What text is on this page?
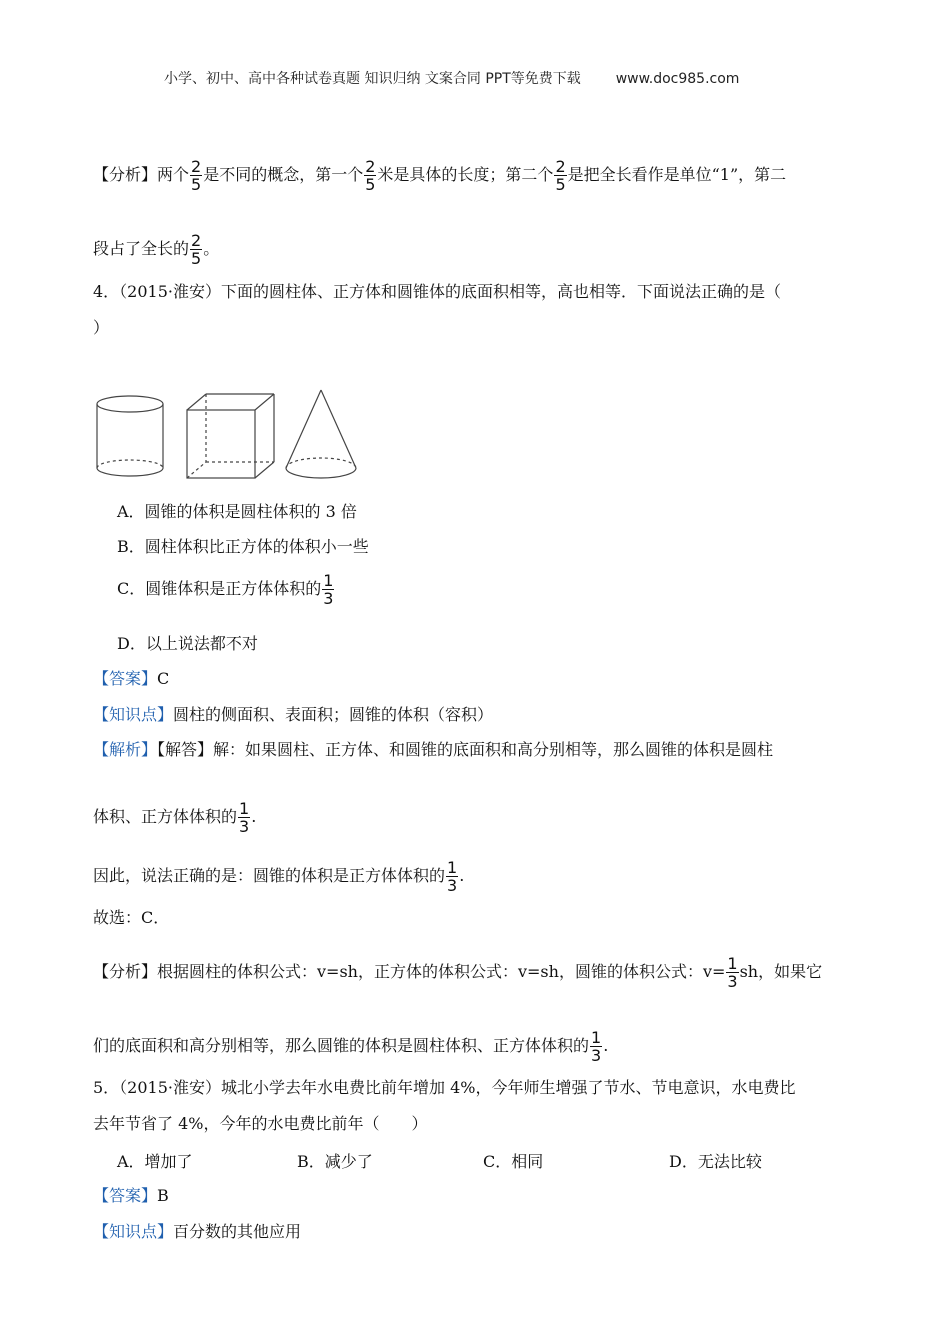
小学、初中、高中各种试卷真题 知识归纳 文案合同 PPT等免费下载 www.doc985.com
【分析】两个 $\frac{2}{5}$ 是不同的概念，第一个 $\frac{2}{5}$ 米是具体的长度；第二个 $\frac{2}{5}$ 是把全长看作是单位“1”，第二
段占了全长的 $\frac{2}{5}$ 。
4．（2015·淮安）下面的圆柱体、正方体和圆锥体的底面积相等，高也相等．下面说法正确的是（
）
A．圆锥的体积是圆柱体积的 3 倍
B．圆柱体积比正方体的体积小一些
C．圆锥体积是正方体体积的 $\frac{1}{3}$
D．以上说法都不对
【答案】C
【知识点】圆柱的侧面积、表面积；圆锥的体积（容积）
【解析】【解答】解：如果圆柱、正方体、和圆锥的底面积和高分别相等，那么圆锥的体积是圆柱
体积、正方体体积的 $\frac{1}{3}$ .
因此，说法正确的是：圆锥的体积是正方体体积的 $\frac{1}{3}$ .
故选：C．
【分析】根据圆柱的体积公式：v=sh，正方体的体积公式：v=sh，圆锥的体积公式：$v= \frac{1}{3}$ sh，如果它
们的底面积和高分别相等，那么圆锥的体积是圆柱体积、正方体体积的 $\frac{1}{3}$ .
5．（2015·淮安）城北小学去年水电费比前年增加 4%，今年师生增强了节水、节电意识，水电费比
去年节省了 4%，今年的水电费比前年（　　）
A．增加了	B．减少了	C．相同	D．无法比较
【答案】B
【知识点】百分数的其他应用
